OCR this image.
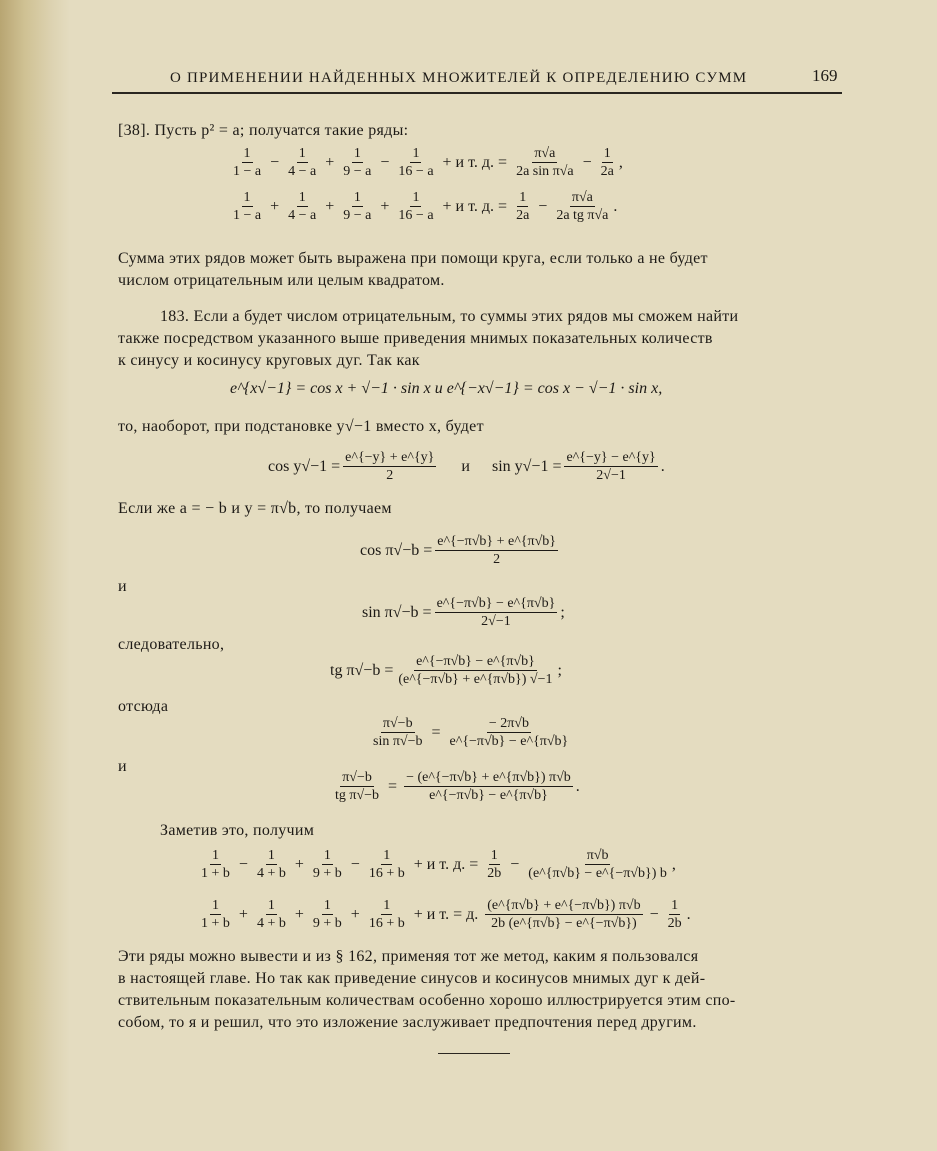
О ПРИМЕНЕНИИ НАЙДЕННЫХ МНОЖИТЕЛЕЙ К ОПРЕДЕЛЕНИЮ СУММ	169
[38]. Пусть p² = a; получатся такие ряды:
1
1 − a
− $\frac{1}{4 - a} + \frac{1}{9 - a} - \frac{1}{16 - a} + и$ т. д. = $\frac{\pi√a}{\text{2a sin π√a}} - \frac{1}{2a}$ ,
1
1 − a
+ $\frac{1}{4 - a} + \frac{1}{9 - a} + \frac{1}{16 - a} + и$ т. д. = $\frac{1}{2a} - \frac{\pi√a}{\text{2a tg π√a}}$ .
Сумма этих рядов может быть выражена при помощи круга, если только a не будет
числом отрицательным или целым квадратом.
183. Если a будет числом отрицательным, то суммы этих рядов мы сможем найти
также посредством указанного выше приведения мнимых показательных количеств
к синусу и косинусу круговых дуг. Так как
e^{x√−1} = cos x + √−1 · sin x и e^{−x√−1} = cos x − √−1 · sin x,
то, наоборот, при подстановке y√−1 вместо x, будет
$\cos y√-1 = \frac{e\^{}\{-y\} + e\^{}\{y\}}{2}$ и $\sin y√-1 = \frac{e\^{}\{-y\} - e\^{}\{y\}}{2√-1}$ .
Если же a = − b и y = π√b, то получаем
$\cos \pi√-b = \frac{e\^{}\{-\pi√b\} + e\^{}\{\pi√b\}}{2}$
и
$\sin \pi√-b = \frac{e\^{}\{-\pi√b\} - e\^{}\{\pi√b\}}{2√-1}$ ;
следовательно,
tg $\pi√-b = \frac{e\^{}\{-\pi√b\} - e\^{}\{\pi√b\}}{(e\^{}\{-\pi√b\} + e\^{}\{\pi√b\}) √-1}$ ;
отсюда
$\frac{\pi√-b}{\text{sin π√−b}} = \frac{- 2\pi√b}{e\^{}\{-\pi√b\} - e\^{}\{\pi√b\}}$
и
$\frac{\pi√-b}{\text{tg π√−b}} = \frac{- (e\^{}\{-\pi√b\} + e\^{}\{\pi√b\}) \pi√b}{e\^{}\{-\pi√b\} - e\^{}\{\pi√b\}}$ .
Заметив это, получим
1
1 + b
− $\frac{1}{4 + b} + \frac{1}{9 + b} - \frac{1}{16 + b} + и$ т. д. = $\frac{1}{2b} - \frac{\pi√b}{(e\^{}\{\pi√b\} - e\^{}\{-\pi√b\}) b}$ ,
1
1 + b
+ $\frac{1}{4 + b} + \frac{1}{9 + b} + \frac{1}{16 + b} + и$ т. = д. (e^{π√b} + e^{−π√b}) π√b
2b (e^{π√b} − e^{−π√b})
− $\frac{1}{2b}$ .
Эти ряды можно вывести и из § 162, применяя тот же метод, каким я пользовался
в настоящей главе. Но так как приведение синусов и косинусов мнимых дуг к дей-
ствительным показательным количествам особенно хорошо иллюстрируется этим спо-
собом, то я и решил, что это изложение заслуживает предпочтения перед другим.
